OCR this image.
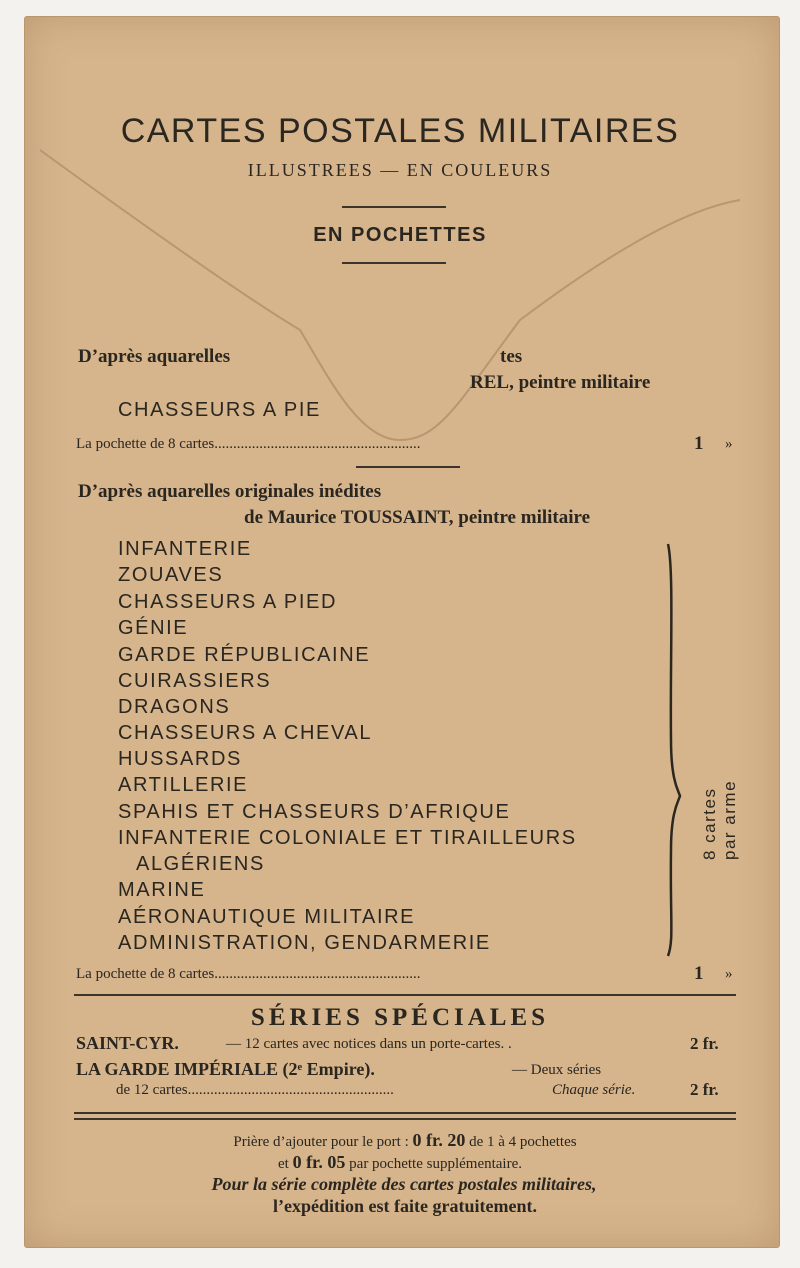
CARTES POSTALES MILITAIRES
ILLUSTREES — EN COULEURS
EN POCHETTES
D’après aquarelles	tes
REL, peintre militaire
CHASSEURS A PIE
La pochette de 8 cartes.......................................................	1 »
D’après aquarelles originales inédites
de Maurice TOUSSAINT, peintre militaire
INFANTERIE
ZOUAVES
CHASSEURS A PIED
GÉNIE
GARDE RÉPUBLICAINE
CUIRASSIERS
DRAGONS
CHASSEURS A CHEVAL
HUSSARDS
ARTILLERIE
SPAHIS ET CHASSEURS D’AFRIQUE
INFANTERIE COLONIALE ET TIRAILLEURS
ALGÉRIENS
MARINE
AÉRONAUTIQUE MILITAIRE
ADMINISTRATION, GENDARMERIE
8 cartes par arme
La pochette de 8 cartes.......................................................	1 »
SÉRIES SPÉCIALES
SAINT-CYR.	— 12 cartes avec notices dans un porte-cartes. .	2 fr.
LA GARDE IMPÉRIALE (2ᵉ Empire).	— Deux séries
de 12 cartes.......................................................	Chaque série.	2 fr.
Prière d’ajouter pour le port : 0 fr. 20 de 1 à 4 pochettes
et 0 fr. 05 par pochette supplémentaire.
Pour la série complète des cartes postales militaires,
l’expédition est faite gratuitement.
